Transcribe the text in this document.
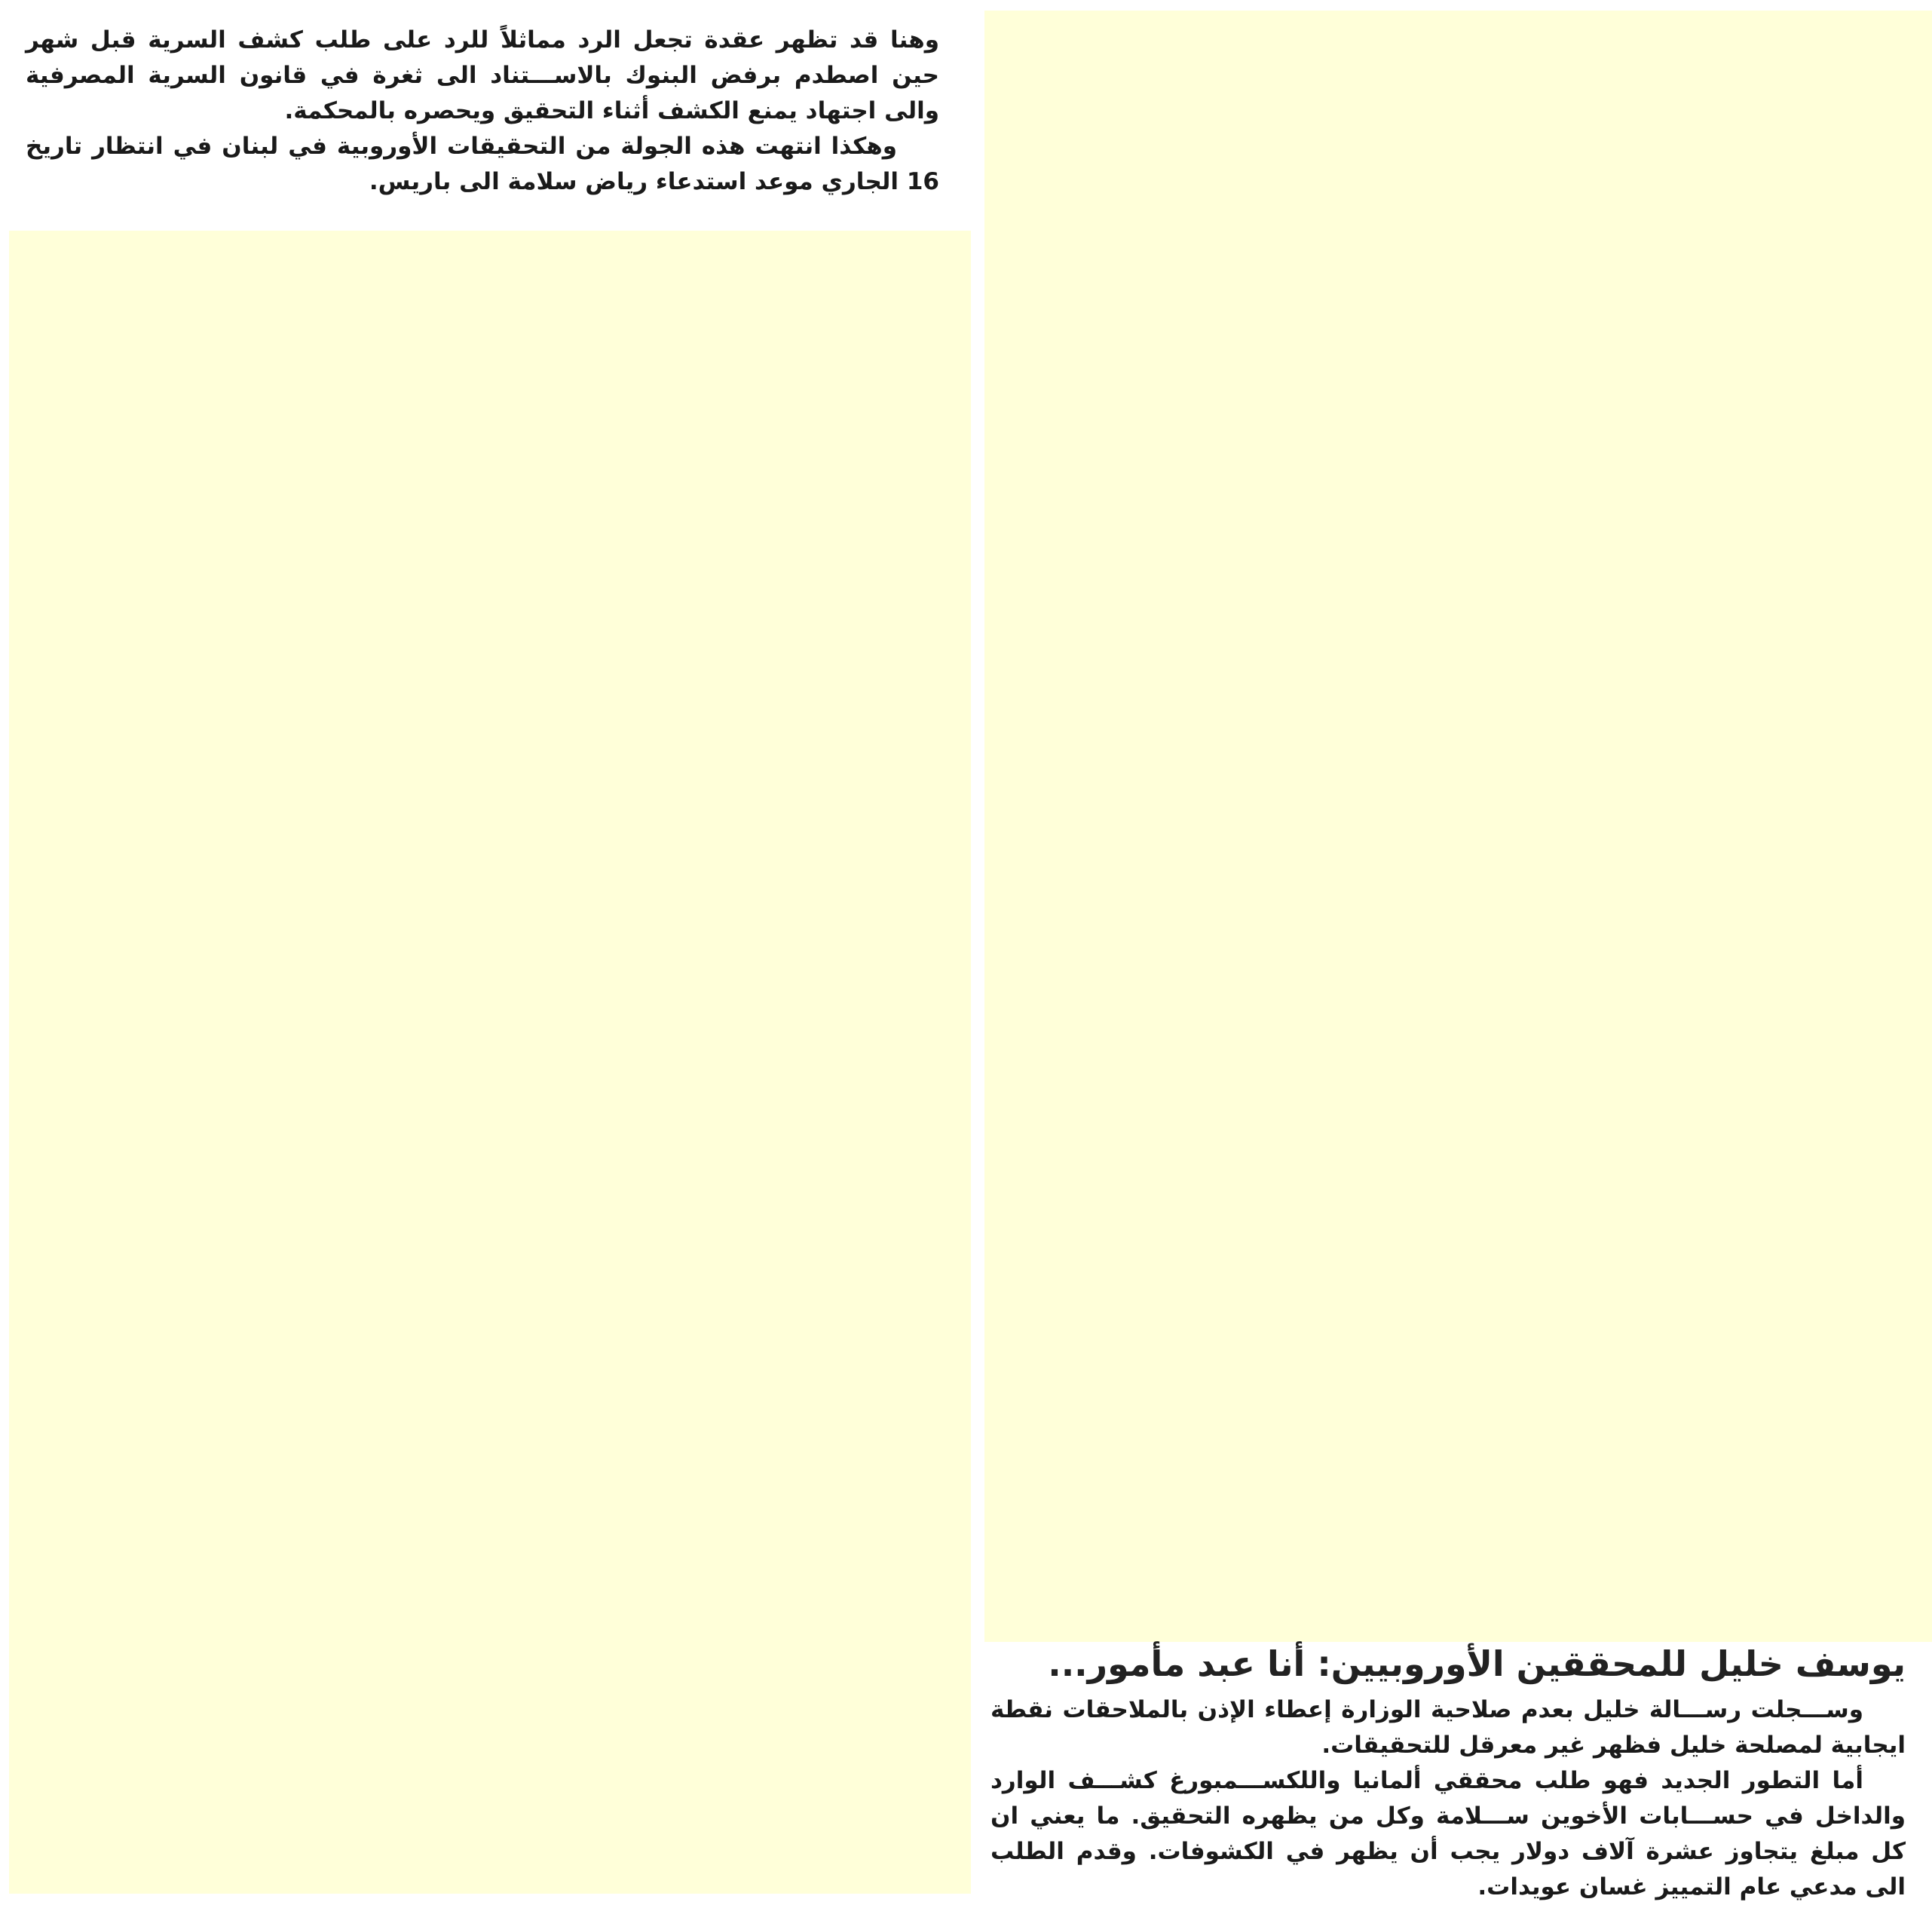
وهنا قد تظهر عقدة تجعل الرد مماثلاً للرد على طلب كشف السرية قبل شهر حين اصطدم برفض البنوك بالاســـتناد الى ثغرة في قانون السرية المصرفية والى اجتهاد يمنع الكشف أثناء التحقيق ويحصره بالمحكمة.

وهكذا انتهت هذه الجولة من التحقيقات الأوروبية في لبنان في انتظار تاريخ 16 الجاري موعد استدعاء رياض سلامة الى باريس.

يوسف خليل للمحققين الأوروبيين: أنا عبد مأمور...

وســـجلت رســـالة خليل بعدم صلاحية الوزارة إعطاء الإذن بالملاحقات نقطة ايجابية لمصلحة خليل فظهر غير معرقل للتحقيقات.

أما التطور الجديد فهو طلب محققي ألمانيا واللكســـمبورغ كشـــف الوارد والداخل في حســـابات الأخوين ســـلامة وكل من يظهره التحقيق. ما يعني ان كل مبلغ يتجاوز عشرة آلاف دولار يجب أن يظهر في الكشوفات. وقدم الطلب الى مدعي عام التمييز غسان عويدات.
